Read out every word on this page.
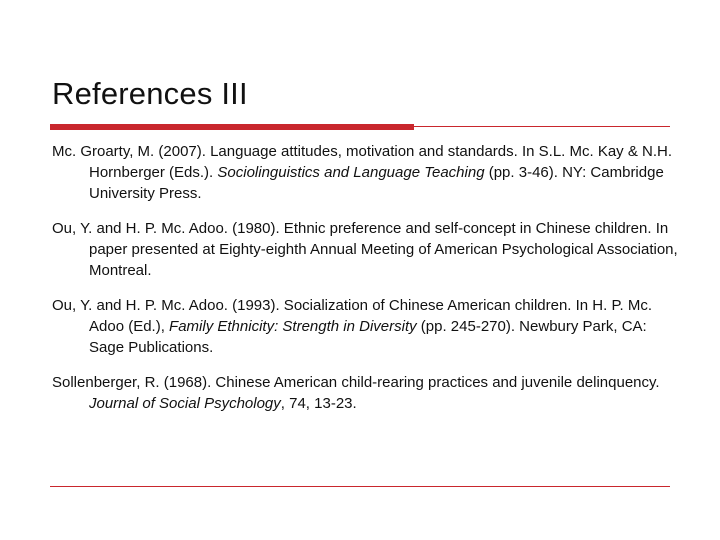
References III

Mc. Groarty, M. (2007). Language attitudes, motivation and standards. In S.L. Mc. Kay & N.H. Hornberger (Eds.). Sociolinguistics and Language Teaching (pp. 3-46). NY: Cambridge University Press.

Ou, Y. and H. P. Mc. Adoo. (1980). Ethnic preference and self-concept in Chinese children. In paper presented at Eighty-eighth Annual Meeting of American Psychological Association, Montreal.

Ou, Y. and H. P. Mc. Adoo. (1993). Socialization of Chinese American children. In H. P. Mc. Adoo (Ed.), Family Ethnicity: Strength in Diversity (pp. 245-270). Newbury Park, CA: Sage Publications.

Sollenberger, R. (1968). Chinese American child-rearing practices and juvenile delinquency. Journal of Social Psychology, 74, 13-23.
